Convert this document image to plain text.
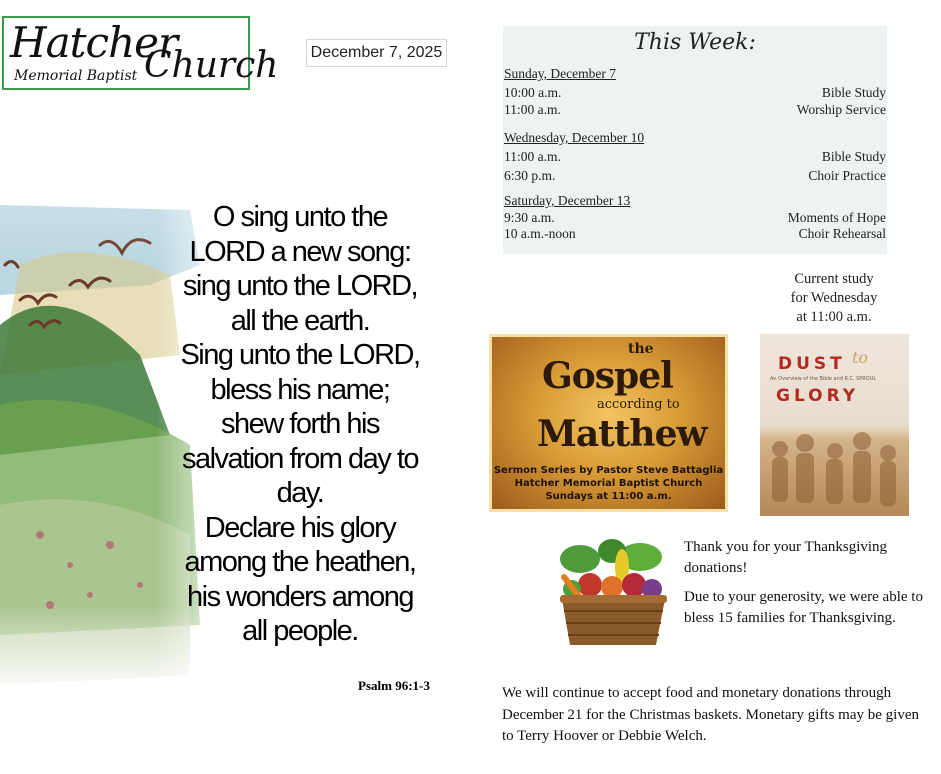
Hatcher
Church
Memorial Baptist
December 7, 2025
O sing unto the
LORD a new song:
sing unto the LORD,
all the earth.
Sing unto the LORD,
bless his name;
shew forth his
salvation from day to
day.
Declare his glory
among the heathen,
his wonders among
all people.
Psalm 96:1-3
This Week:
Sunday, December 7
10:00 a.m.	Bible Study
11:00 a.m.	Worship Service
Wednesday, December 10
11:00 a.m.	Bible Study
6:30 p.m.	Choir Practice
Saturday, December 13
9:30 a.m.	Moments of Hope
10 a.m.-noon	Choir Rehearsal
Current study
for Wednesday
at 11:00 a.m.
the
Gospel
according to
Matthew
Sermon Series by Pastor Steve Battaglia
Hatcher Memorial Baptist Church
Sundays at 11:00 a.m.
DUST to
An Overview of the Bible and R.C. SPROUL
GLORY

Thank you for your Thanksgiving donations!

Due to your generosity, we were able to bless 15 families for Thanksgiving.

We will continue to accept food and monetary donations through December 21 for the Christmas baskets. Monetary gifts may be given to Terry Hoover or Debbie Welch.
